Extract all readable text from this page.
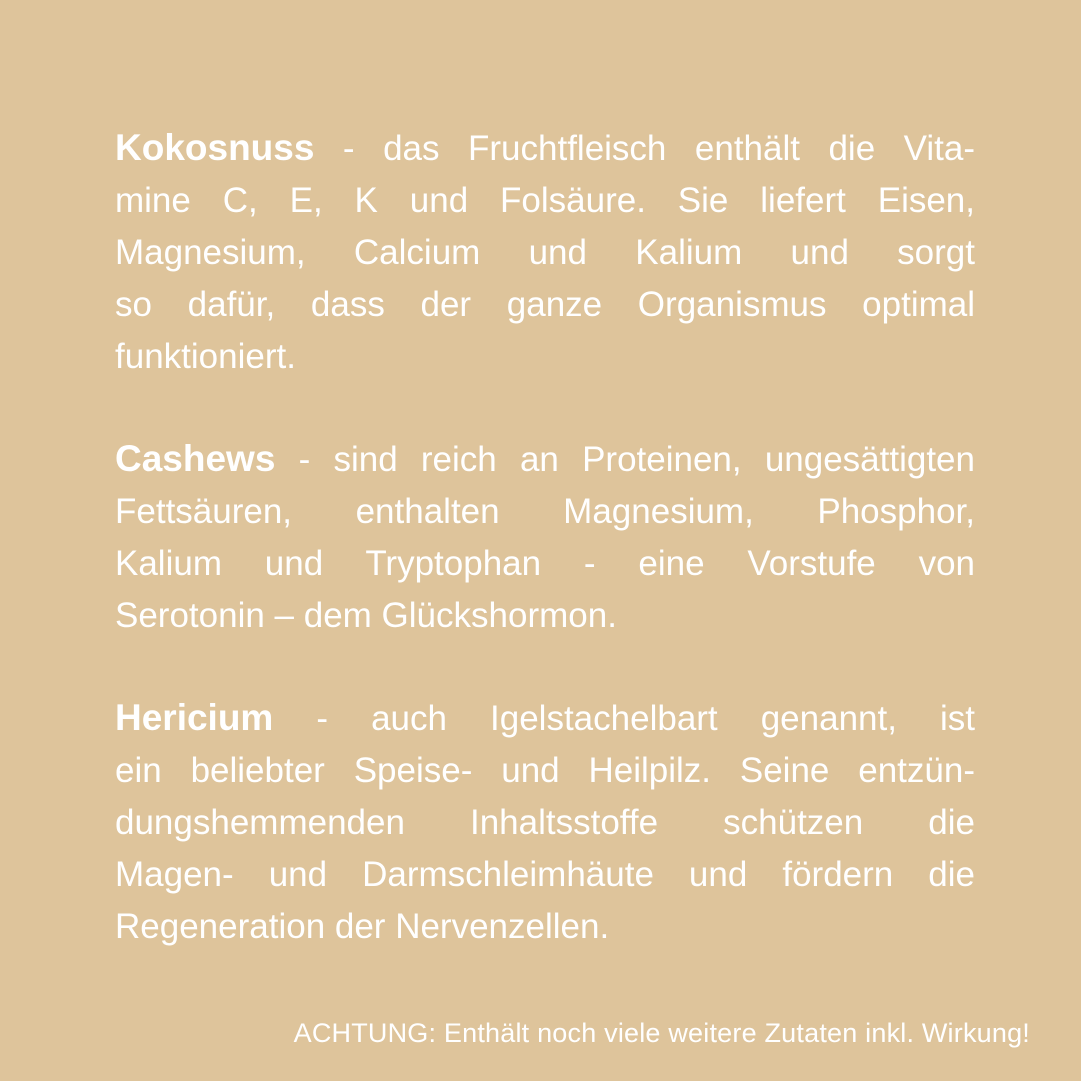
Kokosnuss - das Fruchtfleisch enthält die Vita-
mine C, E, K und Folsäure. Sie liefert Eisen,
Magnesium, Calcium und Kalium und sorgt
so dafür, dass der ganze Organismus optimal
funktioniert.
Cashews - sind reich an Proteinen, ungesättigten
Fettsäuren, enthalten Magnesium, Phosphor,
Kalium und Tryptophan - eine Vorstufe von
Serotonin – dem Glückshormon.
Hericium - auch Igelstachelbart genannt, ist
ein beliebter Speise- und Heilpilz. Seine entzün-
dungshemmenden Inhaltsstoffe schützen die
Magen- und Darmschleimhäute und fördern die
Regeneration der Nervenzellen.
ACHTUNG: Enthält noch viele weitere Zutaten inkl. Wirkung!
